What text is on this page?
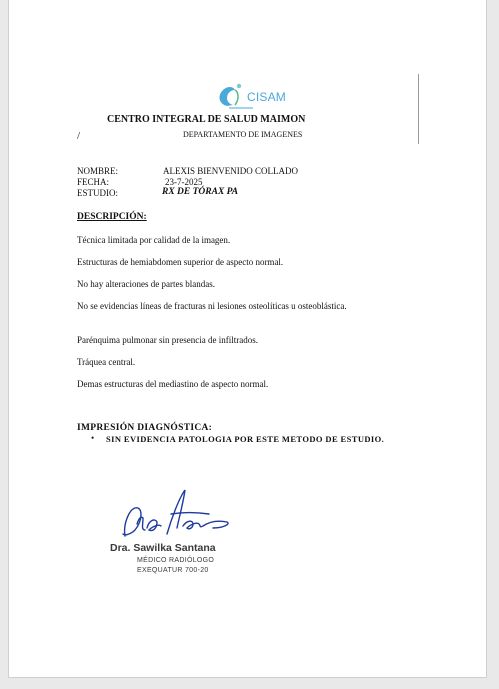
CISAM
CENTRO INTEGRAL DE SALUD MAIMON
/	DEPARTAMENTO DE IMAGENES
NOMBRE:	ALEXIS BIENVENIDO COLLADO
FECHA:	23-7-2025
ESTUDIO:	RX DE TÓRAX PA
DESCRIPCIÓN:
Técnica limitada por calidad de la imagen.
Estructuras de hemiabdomen superior de aspecto normal.
No hay alteraciones de partes blandas.
No se evidencias líneas de fracturas ni lesiones osteolíticas u osteoblástica.
Parénquima pulmonar sin presencia de infiltrados.
Tráquea central.
Demas estructuras del mediastino de aspecto normal.
IMPRESIÓN DIAGNÓSTICA:
• SIN EVIDENCIA PATOLOGIA POR ESTE METODO DE ESTUDIO.
Dra. Sawilka Santana
MÉDICO RADIÓLOGO
EXEQUATUR 700-20
